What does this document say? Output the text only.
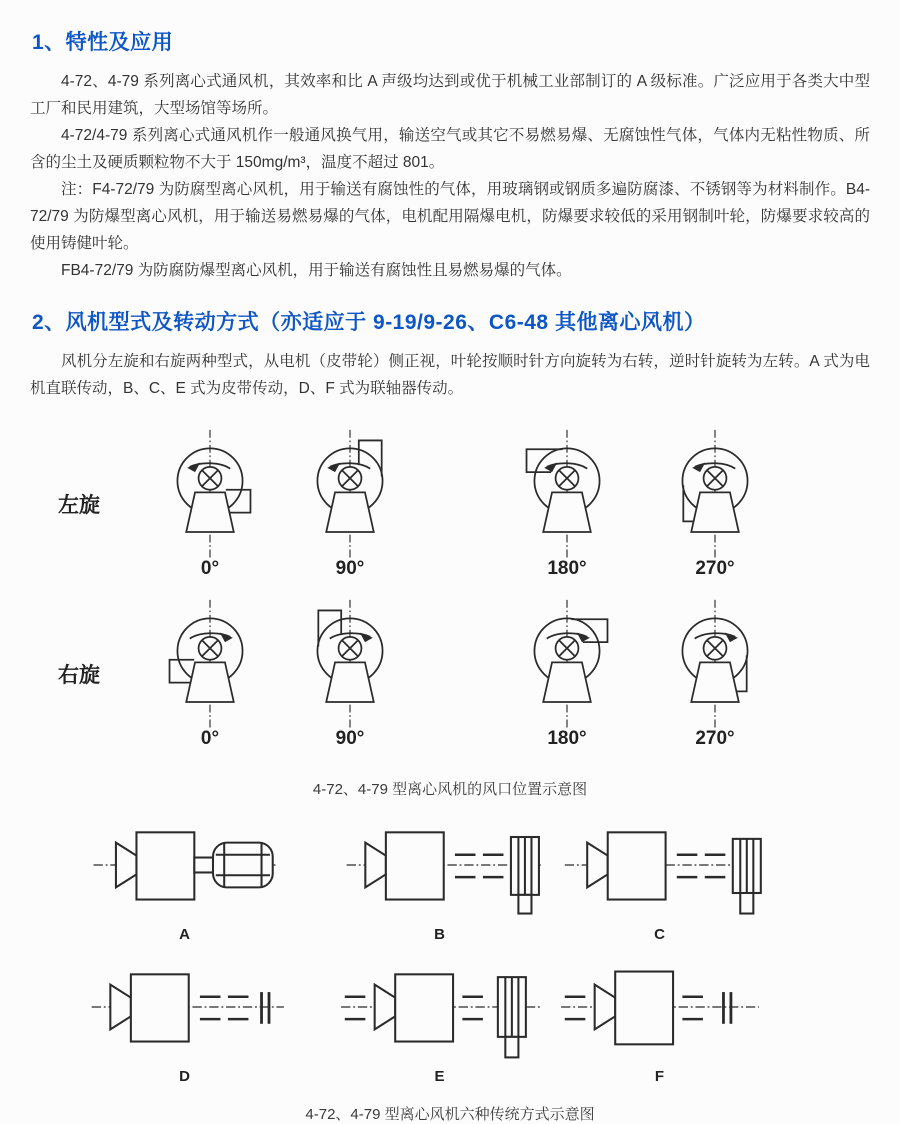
1、特性及应用

4-72、4-79 系列离心式通风机，其效率和比 A 声级均达到或优于机械工业部制订的 A 级标准。广泛应用于各类大中型工厂和民用建筑，大型场馆等场所。

4-72/4-79 系列离心式通风机作一般通风换气用，输送空气或其它不易燃易爆、无腐蚀性气体，气体内无粘性物质、所含的尘土及硬质颗粒物不大于 150mg/m³，温度不超过 801。

注：F4-72/79 为防腐型离心风机，用于输送有腐蚀性的气体，用玻璃钢或钢质多遍防腐漆、不锈钢等为材料制作。B4-72/79 为防爆型离心风机，用于输送易燃易爆的气体，电机配用隔爆电机，防爆要求较低的采用钢制叶轮，防爆要求较高的使用铸健叶轮。

FB4-72/79 为防腐防爆型离心风机，用于输送有腐蚀性且易燃易爆的气体。

2、风机型式及转动方式（亦适应于 9-19/9-26、C6-48 其他离心风机）

风机分左旋和右旋两种型式，从电机（皮带轮）侧正视，叶轮按顺时针方向旋转为右转，逆时针旋转为左转。A 式为电机直联传动，B、C、E 式为皮带传动，D、F 式为联轴器传动。

左旋
0°	90°	180°	270°
右旋
0°	90°	180°	270°
4-72、4-79 型离心风机的风口位置示意图
A	B	C
D	E	F
4-72、4-79 型离心风机六种传统方式示意图
